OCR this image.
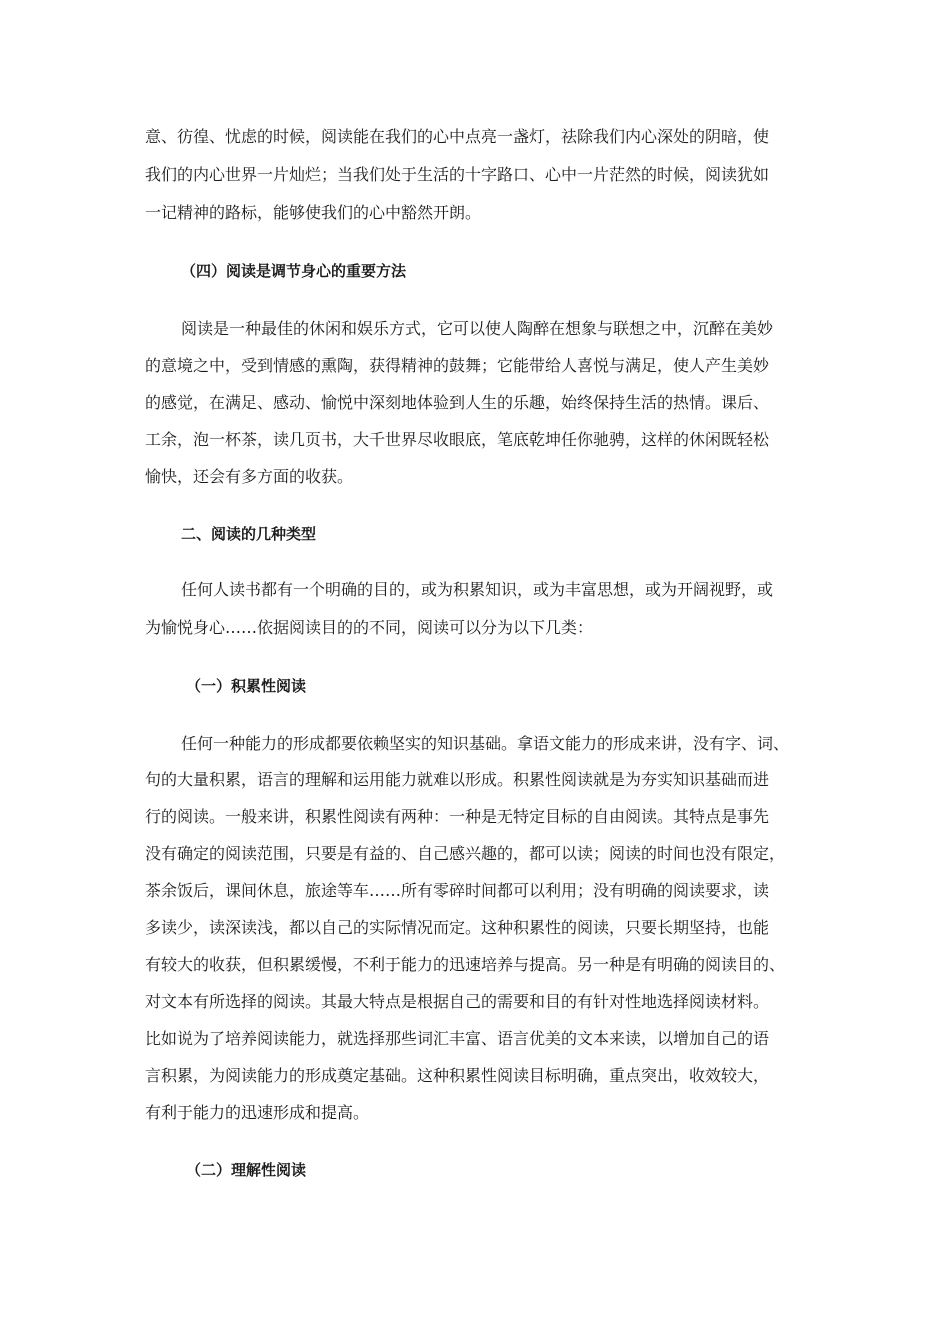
意、彷徨、忧虑的时候，阅读能在我们的心中点亮一盏灯，祛除我们内心深处的阴暗，使
我们的内心世界一片灿烂；当我们处于生活的十字路口、心中一片茫然的时候，阅读犹如
一记精神的路标，能够使我们的心中豁然开朗。
（四）阅读是调节身心的重要方法
阅读是一种最佳的休闲和娱乐方式，它可以使人陶醉在想象与联想之中，沉醉在美妙
的意境之中，受到情感的熏陶，获得精神的鼓舞；它能带给人喜悦与满足，使人产生美妙
的感觉，在满足、感动、愉悦中深刻地体验到人生的乐趣，始终保持生活的热情。课后、
工余，泡一杯茶，读几页书，大千世界尽收眼底，笔底乾坤任你驰骋，这样的休闲既轻松
愉快，还会有多方面的收获。
二、阅读的几种类型
任何人读书都有一个明确的目的，或为积累知识，或为丰富思想，或为开阔视野，或
为愉悦身心……依据阅读目的的不同，阅读可以分为以下几类：
（一）积累性阅读
任何一种能力的形成都要依赖坚实的知识基础。拿语文能力的形成来讲，没有字、词、
句的大量积累，语言的理解和运用能力就难以形成。积累性阅读就是为夯实知识基础而进
行的阅读。一般来讲，积累性阅读有两种：一种是无特定目标的自由阅读。其特点是事先
没有确定的阅读范围，只要是有益的、自己感兴趣的，都可以读；阅读的时间也没有限定，
茶余饭后，课间休息，旅途等车……所有零碎时间都可以利用；没有明确的阅读要求，读
多读少，读深读浅，都以自己的实际情况而定。这种积累性的阅读，只要长期坚持，也能
有较大的收获，但积累缓慢，不利于能力的迅速培养与提高。另一种是有明确的阅读目的、
对文本有所选择的阅读。其最大特点是根据自己的需要和目的有针对性地选择阅读材料。
比如说为了培养阅读能力，就选择那些词汇丰富、语言优美的文本来读，以增加自己的语
言积累，为阅读能力的形成奠定基础。这种积累性阅读目标明确，重点突出，收效较大，
有利于能力的迅速形成和提高。
（二）理解性阅读
